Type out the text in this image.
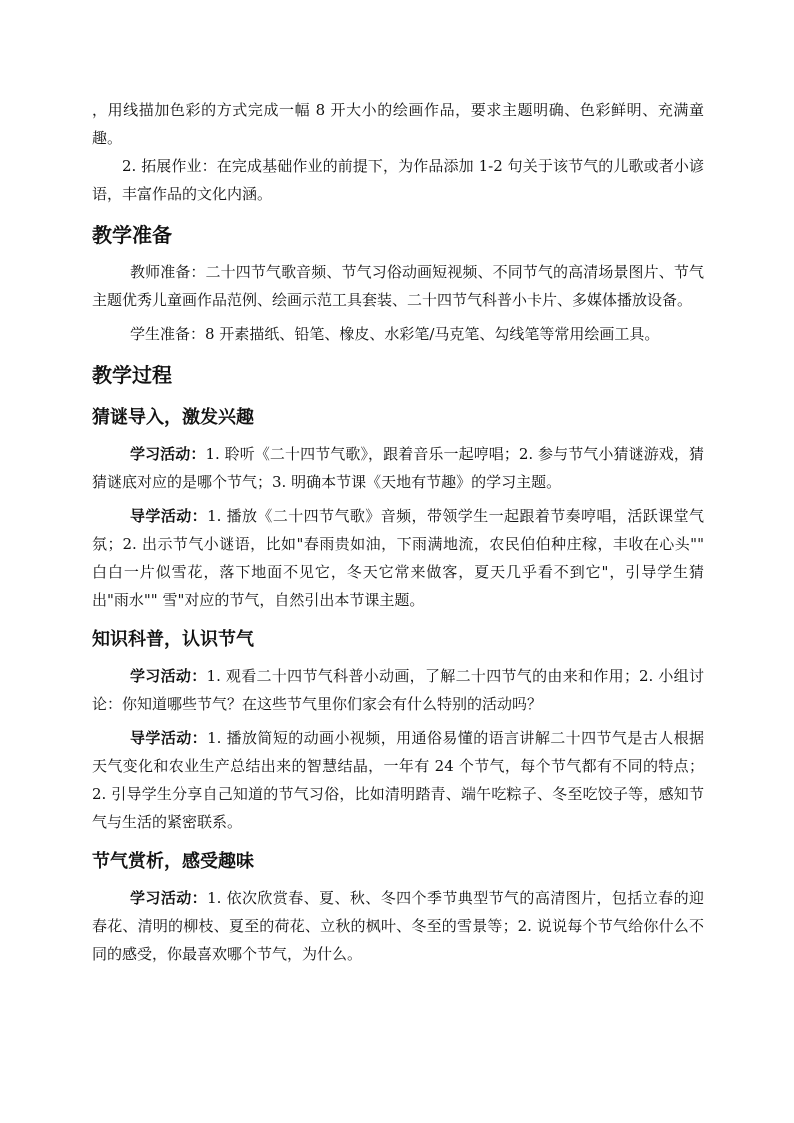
，用线描加色彩的方式完成一幅 8 开大小的绘画作品，要求主题明确、色彩鲜明、充满童趣。

2. 拓展作业：在完成基础作业的前提下，为作品添加 1-2 句关于该节气的儿歌或者小谚语，丰富作品的文化内涵。

教学准备

教师准备：二十四节气歌音频、节气习俗动画短视频、不同节气的高清场景图片、节气主题优秀儿童画作品范例、绘画示范工具套装、二十四节气科普小卡片、多媒体播放设备。

学生准备：8 开素描纸、铅笔、橡皮、水彩笔/马克笔、勾线笔等常用绘画工具。

教学过程
猜谜导入，激发兴趣

学习活动：1. 聆听《二十四节气歌》，跟着音乐一起哼唱；2. 参与节气小猜谜游戏，猜猜谜底对应的是哪个节气；3. 明确本节课《天地有节趣》的学习主题。

导学活动：1. 播放《二十四节气歌》音频，带领学生一起跟着节奏哼唱，活跃课堂气氛；2. 出示节气小谜语，比如"春雨贵如油，下雨满地流，农民伯伯种庄稼，丰收在心头"" 白白一片似雪花，落下地面不见它，冬天它常来做客，夏天几乎看不到它"，引导学生猜出"雨水"" 雪"对应的节气，自然引出本节课主题。

知识科普，认识节气

学习活动：1. 观看二十四节气科普小动画，了解二十四节气的由来和作用；2. 小组讨论：你知道哪些节气？在这些节气里你们家会有什么特别的活动吗？

导学活动：1. 播放简短的动画小视频，用通俗易懂的语言讲解二十四节气是古人根据天气变化和农业生产总结出来的智慧结晶，一年有 24 个节气，每个节气都有不同的特点；2. 引导学生分享自己知道的节气习俗，比如清明踏青、端午吃粽子、冬至吃饺子等，感知节气与生活的紧密联系。

节气赏析，感受趣味

学习活动：1. 依次欣赏春、夏、秋、冬四个季节典型节气的高清图片，包括立春的迎春花、清明的柳枝、夏至的荷花、立秋的枫叶、冬至的雪景等；2. 说说每个节气给你什么不同的感受，你最喜欢哪个节气，为什么。
